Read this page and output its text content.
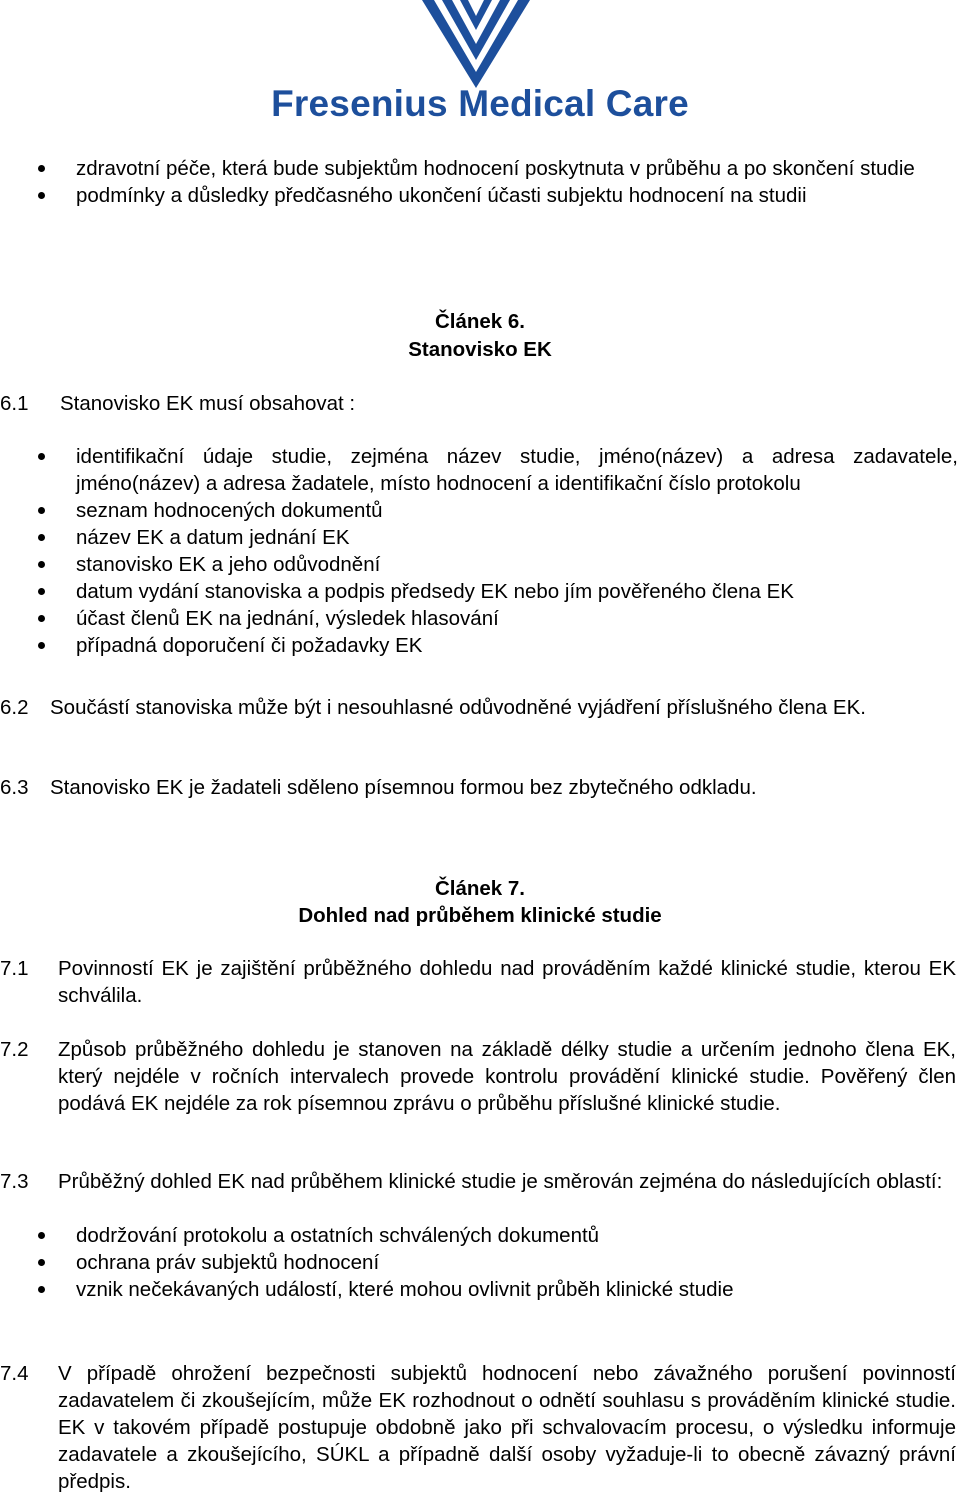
Fresenius Medical Care
zdravotní péče, která bude subjektům hodnocení poskytnuta v průběhu a po skončení studie
podmínky a důsledky předčasného ukončení účasti subjektu hodnocení na studii
Článek 6.
Stanovisko EK
6.1 Stanovisko EK musí obsahovat :
identifikační údaje studie, zejména název studie, jméno(název) a adresa zadavatele, jméno(název) a adresa žadatele, místo hodnocení a identifikační číslo protokolu
seznam hodnocených dokumentů
název EK a datum jednání EK
stanovisko EK a jeho odůvodnění
datum vydání stanoviska a podpis předsedy EK nebo jím pověřeného člena EK
účast členů EK na jednání, výsledek hlasování
případná doporučení či požadavky EK
6.2 Součástí stanoviska může být i nesouhlasné odůvodněné vyjádření příslušného člena EK.
6.3 Stanovisko EK je žadateli sděleno písemnou formou bez zbytečného odkladu.
Článek 7.
Dohled nad průběhem klinické studie
7.1 Povinností EK je zajištění průběžného dohledu nad prováděním každé klinické studie, kterou EK schválila.
7.2 Způsob průběžného dohledu je stanoven na základě délky studie a určením jednoho člena EK, který nejdéle v ročních intervalech provede kontrolu provádění klinické studie. Pověřený člen podává EK nejdéle za rok písemnou zprávu o průběhu příslušné klinické studie.
7.3 Průběžný dohled EK nad průběhem klinické studie je směrován zejména do následujících oblastí:
dodržování protokolu a ostatních schválených dokumentů
ochrana práv subjektů hodnocení
vznik nečekávaných událostí, které mohou ovlivnit průběh klinické studie
7.4 V případě ohrožení bezpečnosti subjektů hodnocení nebo závažného porušení povinností zadavatelem či zkoušejícím, může EK rozhodnout o odnětí souhlasu s prováděním klinické studie. EK v takovém případě postupuje obdobně jako při schvalovacím procesu, o výsledku informuje zadavatele a zkoušejícího, SÚKL a případně další osoby vyžaduje-li to obecně závazný právní předpis.
